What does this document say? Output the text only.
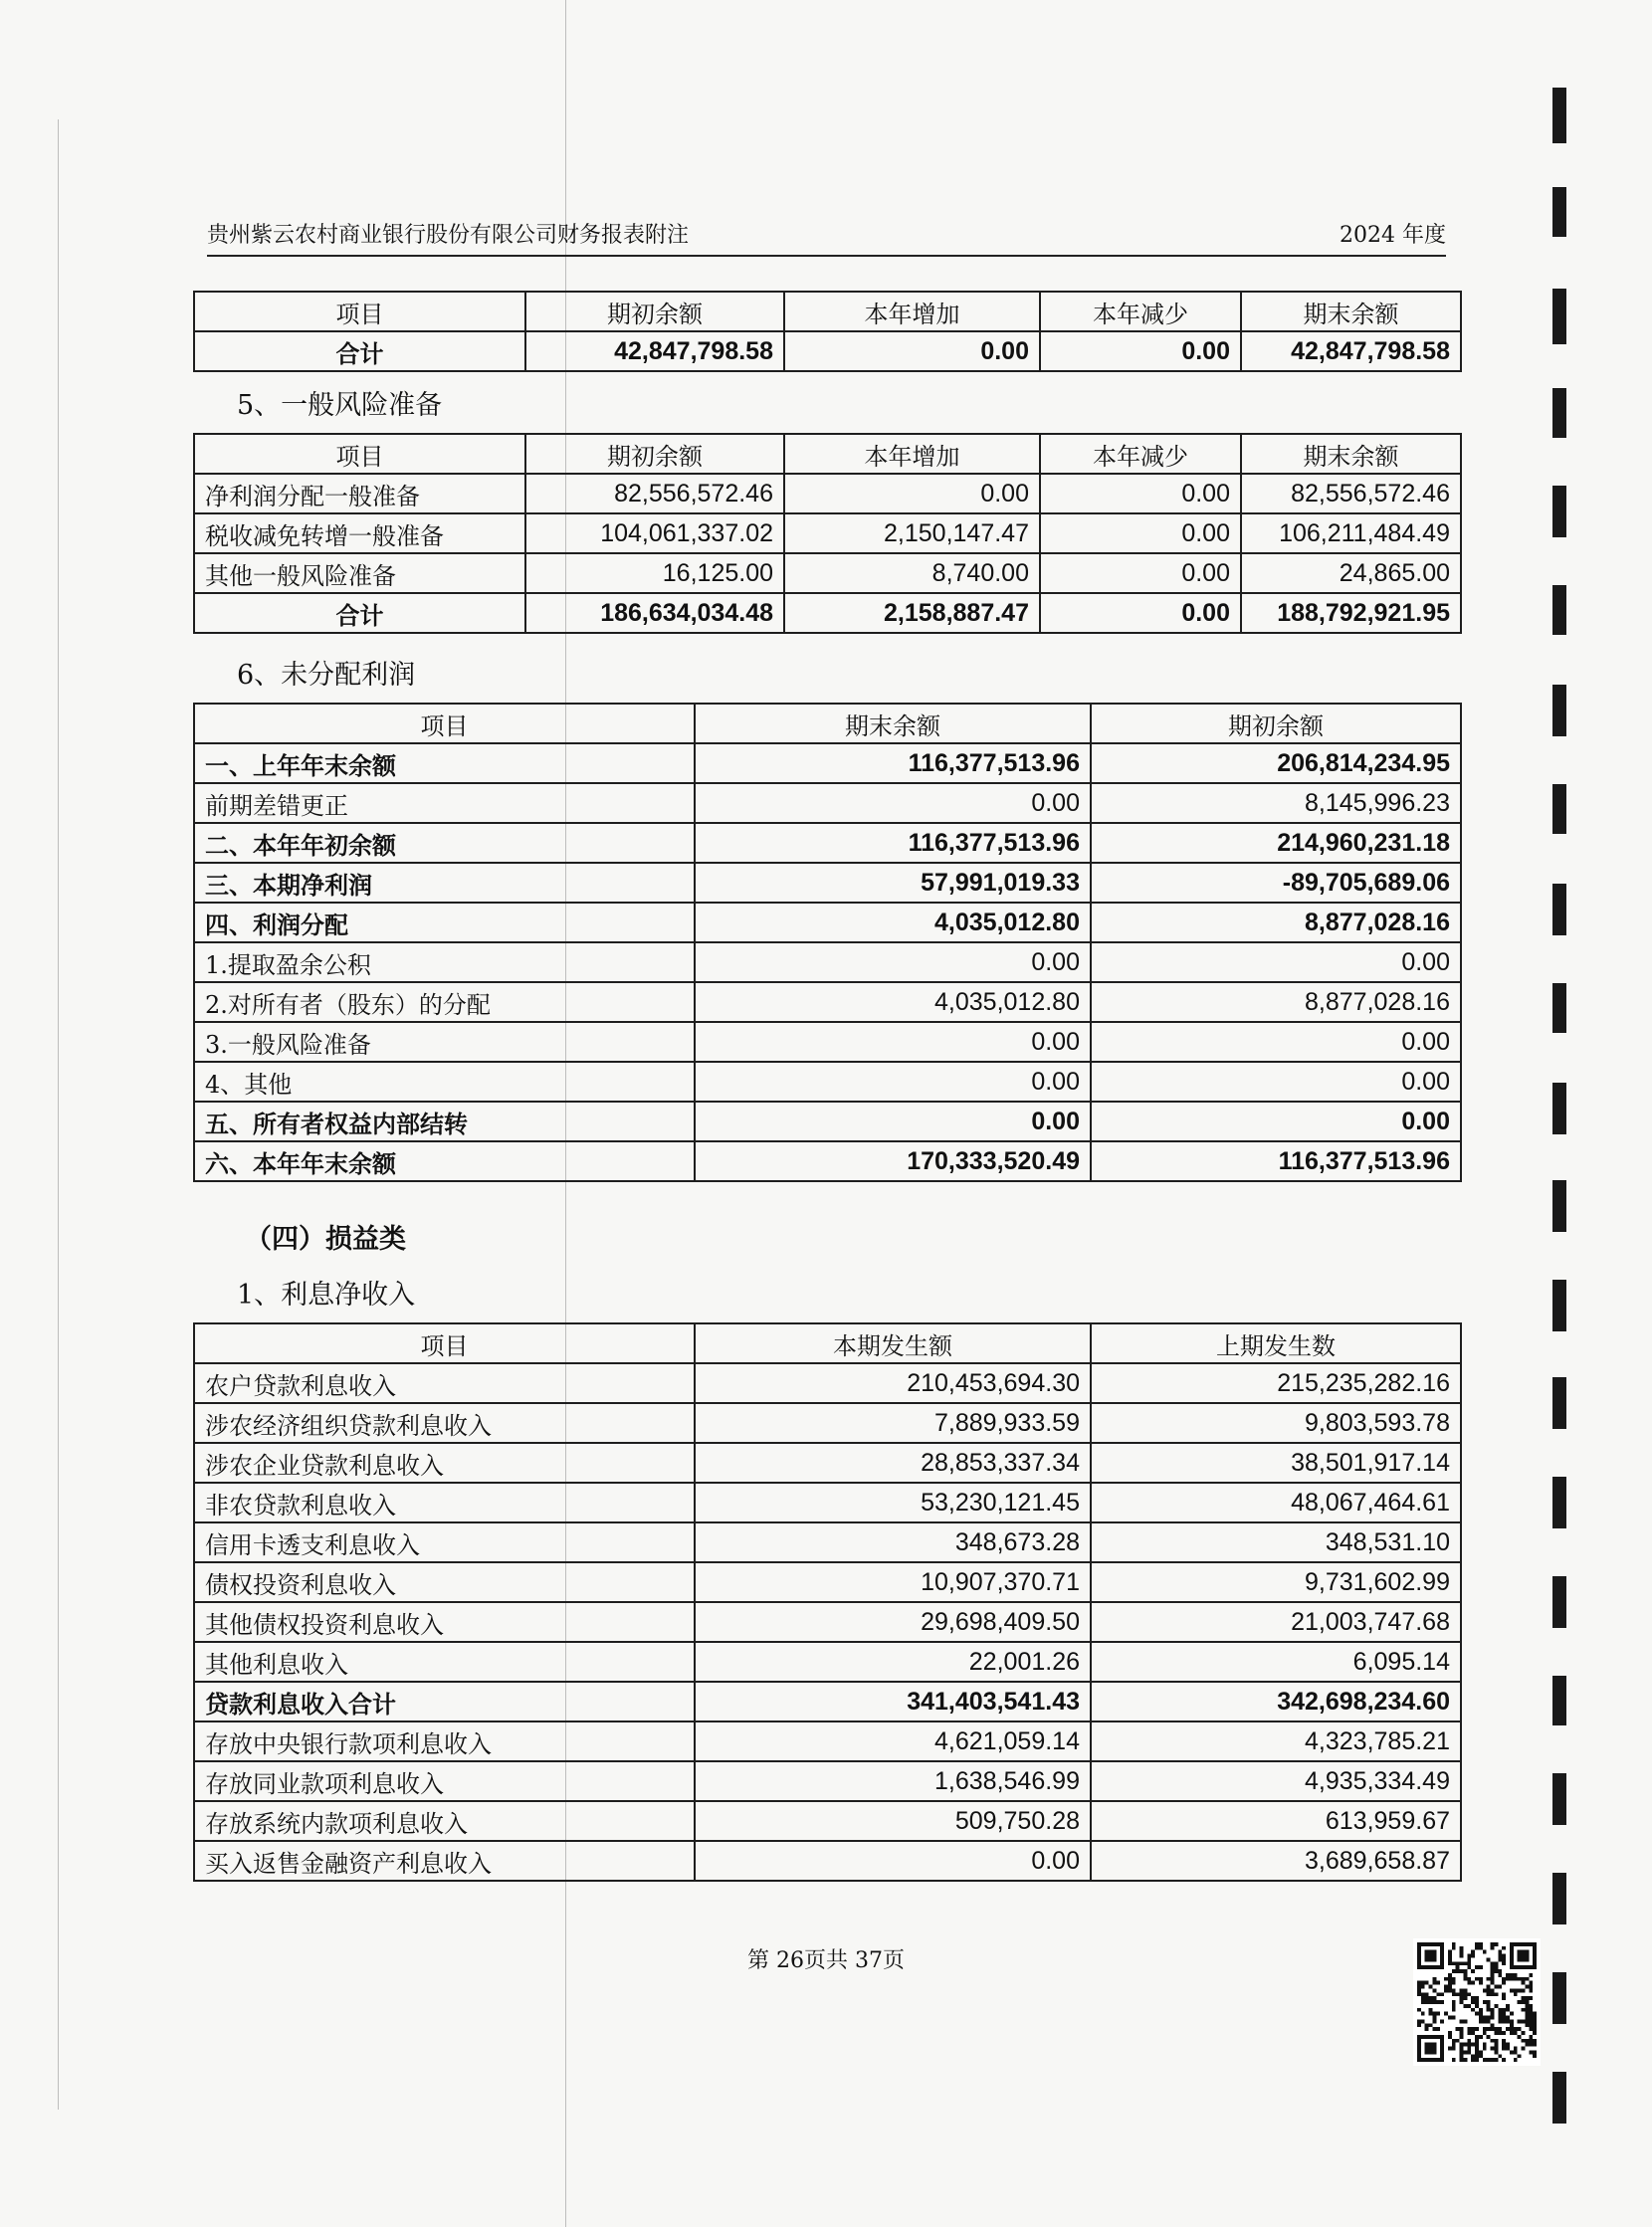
贵州紫云农村商业银行股份有限公司财务报表附注	2024 年度
项目	期初余额	本年增加	本年减少	期末余额
合计	42,847,798.58	0.00	0.00	42,847,798.58
5、一般风险准备
项目	期初余额	本年增加	本年减少	期末余额
净利润分配一般准备	82,556,572.46	0.00	0.00	82,556,572.46
税收减免转增一般准备	104,061,337.02	2,150,147.47	0.00	106,211,484.49
其他一般风险准备	16,125.00	8,740.00	0.00	24,865.00
合计	186,634,034.48	2,158,887.47	0.00	188,792,921.95
6、未分配利润
项目	期末余额	期初余额
一、上年年末余额	116,377,513.96	206,814,234.95
前期差错更正	0.00	8,145,996.23
二、本年年初余额	116,377,513.96	214,960,231.18
三、本期净利润	57,991,019.33	-89,705,689.06
四、利润分配	4,035,012.80	8,877,028.16
1.提取盈余公积	0.00	0.00
2.对所有者（股东）的分配	4,035,012.80	8,877,028.16
3.一般风险准备	0.00	0.00
4、其他	0.00	0.00
五、所有者权益内部结转	0.00	0.00
六、本年年末余额	170,333,520.49	116,377,513.96
（四）损益类
1、利息净收入
项目	本期发生额	上期发生数
农户贷款利息收入	210,453,694.30	215,235,282.16
涉农经济组织贷款利息收入	7,889,933.59	9,803,593.78
涉农企业贷款利息收入	28,853,337.34	38,501,917.14
非农贷款利息收入	53,230,121.45	48,067,464.61
信用卡透支利息收入	348,673.28	348,531.10
债权投资利息收入	10,907,370.71	9,731,602.99
其他债权投资利息收入	29,698,409.50	21,003,747.68
其他利息收入	22,001.26	6,095.14
贷款利息收入合计	341,403,541.43	342,698,234.60
存放中央银行款项利息收入	4,621,059.14	4,323,785.21
存放同业款项利息收入	1,638,546.99	4,935,334.49
存放系统内款项利息收入	509,750.28	613,959.67
买入返售金融资产利息收入	0.00	3,689,658.87
第 26页共 37页
